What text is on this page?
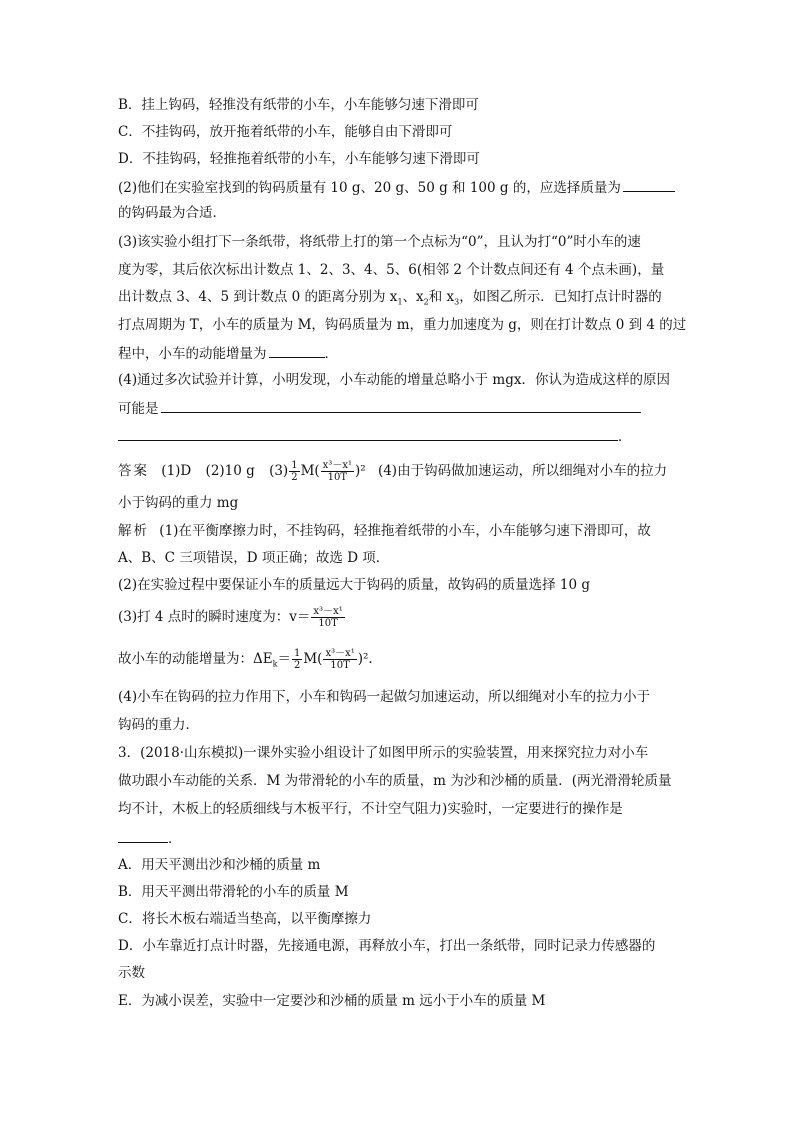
B．挂上钩码，轻推没有纸带的小车，小车能够匀速下滑即可
C．不挂钩码，放开拖着纸带的小车，能够自由下滑即可
D．不挂钩码，轻推拖着纸带的小车，小车能够匀速下滑即可
(2)他们在实验室找到的钩码质量有 10 g、20 g、50 g 和 100 g 的，应选择质量为
的钩码最为合适．
(3)该实验小组打下一条纸带，将纸带上打的第一个点标为“0”，且认为打“0”时小车的速
度为零，其后依次标出计数点 1、2、3、4、5、6(相邻 2 个计数点间还有 4 个点未画)，量
出计数点 3、4、5 到计数点 0 的距离分别为 $x_1$、$x_2$和 $x_3$，如图乙所示．已知打点计时器的
打点周期为 T，小车的质量为 M，钩码质量为 m，重力加速度为 g，则在打计数点 0 到 4 的过
程中，小车的动能增量为	．
(4)通过多次试验并计算，小明发现，小车动能的增量总略小于 mgx．你认为造成这样的原因
可能是
．
答案 (1)D (2)10 g $(3) \frac{1}{2} M( \frac{\text{x³－x¹}}{10T} )^2$ (4)由于钩码做加速运动，所以细绳对小车的拉力
小于钩码的重力 mg
解析 (1)在平衡摩擦力时，不挂钩码，轻推拖着纸带的小车，小车能够匀速下滑即可，故
A、B、C 三项错误，D 项正确；故选 D 项．
(2)在实验过程中要保证小车的质量远大于钩码的质量，故钩码的质量选择 10 g
(3)打 4 点时的瞬时速度为：$v= \frac{\text{x³－x¹}}{10T}$
故小车的动能增量为：$\Delta E_k= \frac{1}{2} M( \frac{\text{x³－x¹}}{10T} )^2$.
(4)小车在钩码的拉力作用下，小车和钩码一起做匀加速运动，所以细绳对小车的拉力小于
钩码的重力．
3．(2018·山东模拟)一课外实验小组设计了如图甲所示的实验装置，用来探究拉力对小车
做功跟小车动能的关系．M 为带滑轮的小车的质量，m 为沙和沙桶的质量．(两光滑滑轮质量
均不计，木板上的轻质细线与木板平行，不计空气阻力)实验时，一定要进行的操作是
．
A．用天平测出沙和沙桶的质量 m
B．用天平测出带滑轮的小车的质量 M
C．将长木板右端适当垫高，以平衡摩擦力
D．小车靠近打点计时器，先接通电源，再释放小车，打出一条纸带，同时记录力传感器的
示数
E．为减小误差，实验中一定要沙和沙桶的质量 m 远小于小车的质量 M
